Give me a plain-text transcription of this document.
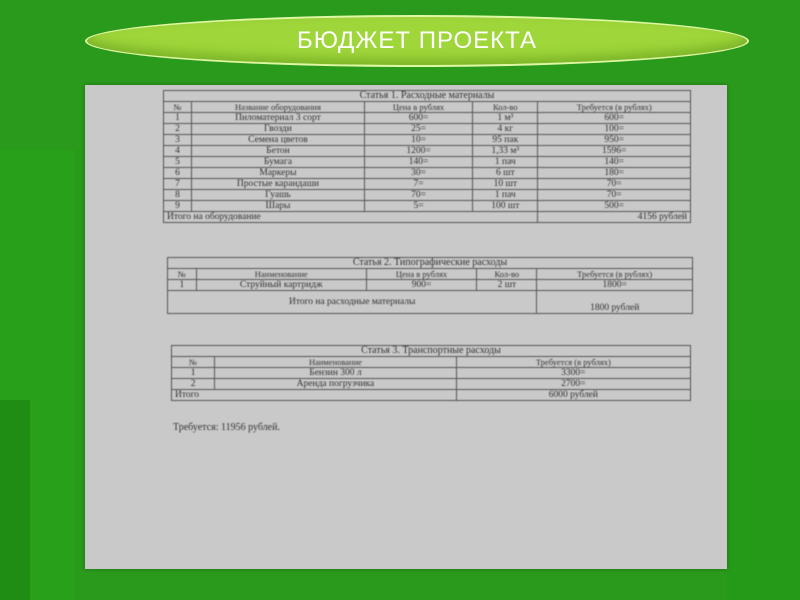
БЮДЖЕТ ПРОЕКТА
Статья 1. Расходные материалы				
№	Название оборудования	Цена в рублях	Кол-во	Требуется (в рублях)
1	Пиломатериал 3 сорт	600=	1 м³	600=
2	Гвозди	25=	4 кг	100=
3	Семена цветов	10=	95 пак	950=
4	Бетон	1200=	1,33 м³	1596=
5	Бумага	140=	1 пач	140=
6	Маркеры	30=	6 шт	180=
7	Простые карандаши	7=	10 шт	70=
8	Гуашь	70=	1 пач	70=
9	Шары	5=	100 шт	500=
Итого на оборудование				4156 рублей
Статья 2. Типографические расходы				
№	Наименование	Цена в рублях	Кол-во	Требуется (в рублях)
1	Струйный картридж	900=	2 шт	1800=
Итого на расходные материалы				1800 рублей
Статья 3. Транспортные расходы		
№	Наименование	Требуется (в рублях)
1	Бензин 300 л	3300=
2	Аренда погрузчика	2700=
Итого		6000 рублей
Требуется: 11956 рублей.
